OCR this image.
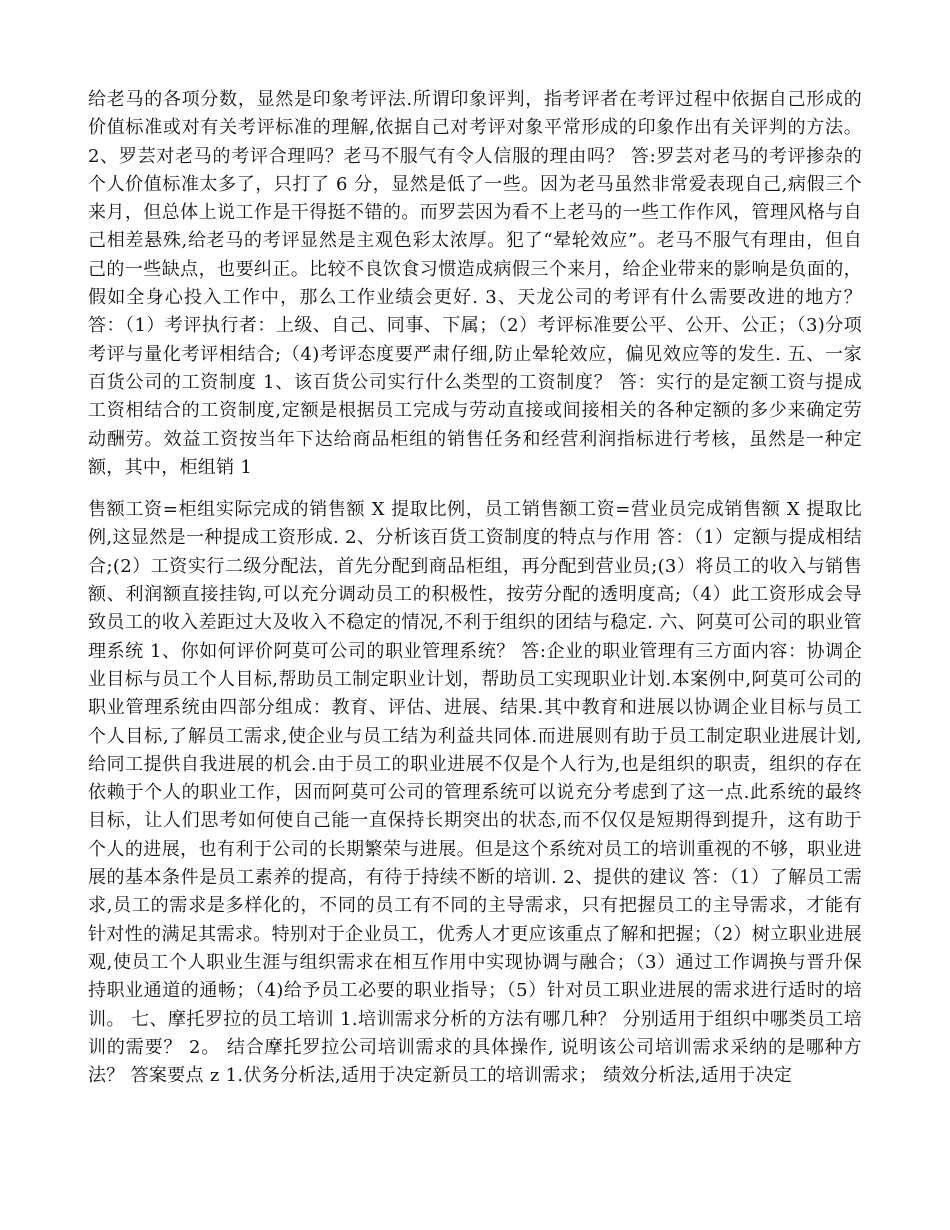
给老马的各项分数，显然是印象考评法.所谓印象评判，指考评者在考评过程中依据自己形成的价值标准或对有关考评标准的理解,依据自己对考评对象平常形成的印象作出有关评判的方法。 2、罗芸对老马的考评合理吗？老马不服气有令人信服的理由吗？ 答:罗芸对老马的考评掺杂的个人价值标准太多了，只打了 6 分，显然是低了一些。因为老马虽然非常爱表现自己,病假三个来月，但总体上说工作是干得挺不错的。而罗芸因为看不上老马的一些工作作风，管理风格与自己相差悬殊,给老马的考评显然是主观色彩太浓厚。犯了“晕轮效应”。老马不服气有理由，但自己的一些缺点，也要纠正。比较不良饮食习惯造成病假三个来月，给企业带来的影响是负面的，假如全身心投入工作中，那么工作业绩会更好. 3、天龙公司的考评有什么需要改进的地方？ 答：（1）考评执行者：上级、自己、同事、下属；（2）考评标准要公平、公开、公正；（3)分项考评与量化考评相结合;（4)考评态度要严肃仔细,防止晕轮效应，偏见效应等的发生. 五、一家百货公司的工资制度 1、该百货公司实行什么类型的工资制度？ 答：实行的是定额工资与提成工资相结合的工资制度,定额是根据员工完成与劳动直接或间接相关的各种定额的多少来确定劳动酬劳。效益工资按当年下达给商品柜组的销售任务和经营利润指标进行考核，虽然是一种定额，其中，柜组销 1

售额工资=柜组实际完成的销售额 X 提取比例，员工销售额工资=营业员完成销售额 X 提取比例,这显然是一种提成工资形成. 2、分析该百货工资制度的特点与作用 答：（1）定额与提成相结合;(2）工资实行二级分配法，首先分配到商品柜组，再分配到营业员;(3）将员工的收入与销售额、利润额直接挂钩,可以充分调动员工的积极性，按劳分配的透明度高;（4）此工资形成会导致员工的收入差距过大及收入不稳定的情况,不利于组织的团结与稳定. 六、阿莫可公司的职业管理系统 1、你如何评价阿莫可公司的职业管理系统？ 答:企业的职业管理有三方面内容：协调企业目标与员工个人目标,帮助员工制定职业计划，帮助员工实现职业计划.本案例中,阿莫可公司的职业管理系统由四部分组成：教育、评估、进展、结果.其中教育和进展以协调企业目标与员工个人目标,了解员工需求,使企业与员工结为利益共同体.而进展则有助于员工制定职业进展计划,给同工提供自我进展的机会.由于员工的职业进展不仅是个人行为,也是组织的职责，组织的存在依赖于个人的职业工作，因而阿莫可公司的管理系统可以说充分考虑到了这一点.此系统的最终目标，让人们思考如何使自己能一直保持长期突出的状态,而不仅仅是短期得到提升，这有助于个人的进展，也有利于公司的长期繁荣与进展。但是这个系统对员工的培训重视的不够，职业进展的基本条件是员工素养的提高，有待于持续不断的培训. 2、提供的建议 答：（1）了解员工需求,员工的需求是多样化的，不同的员工有不同的主导需求，只有把握员工的主导需求，才能有针对性的满足其需求。特别对于企业员工，优秀人才更应该重点了解和把握；（2）树立职业进展观,使员工个人职业生涯与组织需求在相互作用中实现协调与融合；（3）通过工作调换与晋升保持职业通道的通畅；（4)给予员工必要的职业指导；（5）针对员工职业进展的需求进行适时的培训。 七、摩托罗拉的员工培训 1.培训需求分析的方法有哪几种？ 分别适用于组织中哪类员工培训的需要？ 2。 结合摩托罗拉公司培训需求的具体操作, 说明该公司培训需求采纳的是哪种方法？ 答案要点 z 1.伏务分析法,适用于决定新员工的培训需求； 绩效分析法,适用于决定
